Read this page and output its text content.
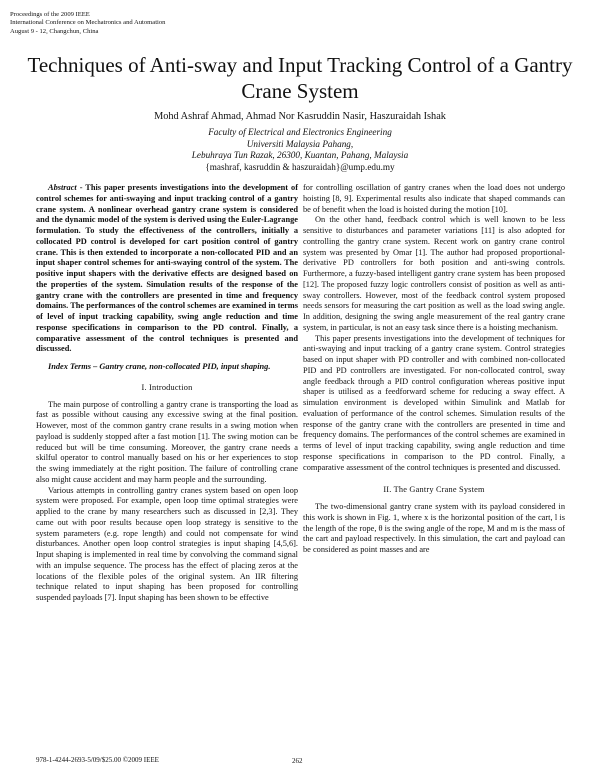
Proceedings of the 2009 IEEE
International Conference on Mechatronics and Automation
August 9 - 12, Changchun, China
Techniques of Anti-sway and Input Tracking Control of a Gantry Crane System
Mohd Ashraf Ahmad, Ahmad Nor Kasruddin Nasir, Haszuraidah Ishak
Faculty of Electrical and Electronics Engineering
Universiti Malaysia Pahang,
Lebuhraya Tun Razak, 26300, Kuantan, Pahang, Malaysia
{mashraf, kasruddin & haszuraidah}@ump.edu.my

Abstract - This paper presents investigations into the development of control schemes for anti-swaying and input tracking control of a gantry crane system. A nonlinear overhead gantry crane system is considered and the dynamic model of the system is derived using the Euler-Lagrange formulation. To study the effectiveness of the controllers, initially a collocated PD control is developed for cart position control of gantry crane. This is then extended to incorporate a non-collocated PID and an input shaper control schemes for anti-swaying control of the system. The positive input shapers with the derivative effects are designed based on the properties of the system. Simulation results of the response of the gantry crane with the controllers are presented in time and frequency domains. The performances of the control schemes are examined in terms of level of input tracking capability, swing angle reduction and time response specifications in comparison to the PD control. Finally, a comparative assessment of the control techniques is presented and discussed.

Index Terms – Gantry crane, non-collocated PID, input shaping.

I. Introduction

The main purpose of controlling a gantry crane is transporting the load as fast as possible without causing any excessive swing at the final position. However, most of the common gantry crane results in a swing motion when payload is suddenly stopped after a fast motion [1]. The swing motion can be reduced but will be time consuming. Moreover, the gantry crane needs a skilful operator to control manually based on his or her experiences to stop the swing immediately at the right position. The failure of controlling crane also might cause accident and may harm people and the surrounding.

Various attempts in controlling gantry cranes system based on open loop system were proposed. For example, open loop time optimal strategies were applied to the crane by many researchers such as discussed in [2,3]. They came out with poor results because open loop strategy is sensitive to the system parameters (e.g. rope length) and could not compensate for wind disturbances. Another open loop control strategies is input shaping [4,5,6]. Input shaping is implemented in real time by convolving the command signal with an impulse sequence. The process has the effect of placing zeros at the locations of the flexible poles of the original system. An IIR filtering technique related to input shaping has been proposed for controlling suspended payloads [7]. Input shaping has been shown to be effective

for controlling oscillation of gantry cranes when the load does not undergo hoisting [8, 9]. Experimental results also indicate that shaped commands can be of benefit when the load is hoisted during the motion [10].

On the other hand, feedback control which is well known to be less sensitive to disturbances and parameter variations [11] is also adopted for controlling the gantry crane system. Recent work on gantry crane control system was presented by Omar [1]. The author had proposed proportional-derivative PD controllers for both position and anti-swing controls. Furthermore, a fuzzy-based intelligent gantry crane system has been proposed [12]. The proposed fuzzy logic controllers consist of position as well as anti-sway controllers. However, most of the feedback control system proposed needs sensors for measuring the cart position as well as the load swing angle. In addition, designing the swing angle measurement of the real gantry crane system, in particular, is not an easy task since there is a hoisting mechanism.

This paper presents investigations into the development of techniques for anti-swaying and input tracking of a gantry crane system. Control strategies based on input shaper with PD controller and with combined non-collocated PID and PD controllers are investigated. For non-collocated control, sway angle feedback through a PID control configuration whereas positive input shaper is utilised as a feedforward scheme for reducing a sway effect. A simulation environment is developed within Simulink and Matlab for evaluation of performance of the control schemes. Simulation results of the response of the gantry crane with the controllers are presented in time and frequency domains. The performances of the control schemes are examined in terms of level of input tracking capability, swing angle reduction and time response specifications in comparison to the PD control. Finally, a comparative assessment of the control techniques is presented and discussed.

II. The Gantry Crane System

The two-dimensional gantry crane system with its payload considered in this work is shown in Fig. 1, where x is the horizontal position of the cart, l is the length of the rope, θ is the swing angle of the rope, M and m is the mass of the cart and payload respectively. In this simulation, the cart and payload can be considered as point masses and are

978-1-4244-2693-5/09/$25.00 ©2009 IEEE	262
